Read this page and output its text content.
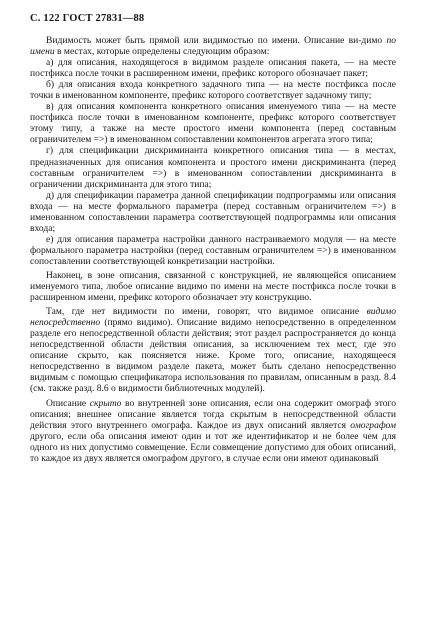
С. 122 ГОСТ 27831—88

Видимость может быть прямой или видимостью по имени. Описание ви-димо по имени в местах, которые определены следующим образом:

а) для описания, находящегося в видимом разделе описания пакета, — на месте постфикса после точки в расширенном имени, префикс которого обозначает пакет;

б) для описания входа конкретного задачного типа — на месте постфикса после точки в именованном компоненте, префикс которого соответствует задачному типу;

в) для описания компонента конкретного описания именуемого типа — на месте постфикса после точки в именованном компоненте, префикс которого соответствует этому типу, а также на месте простого имени компонента (перед составным ограничителем =>) в именованном сопоставлении компонентов агрегата этого типа;

г) для спецификации дискриминанта конкретного описания типа — в местах, предназначенных для описания компонента и простого имени дискриминанта (перед составным ограничителем =>) в именованном сопоставлении дискриминанта в ограничении дискриминанта для этого типа;

д) для спецификации параметра данной спецификации подпрограммы или описания входа — на месте формального параметра (перед составным ограничителем =>) в именованном сопоставлении параметра соответствующей подпрограммы или описания входа;

е) для описания параметра настройки данного настраиваемого модуля — на месте формального параметра настройки (перед составным ограничителем =>) в именованном сопоставлении соответствующей конкретизации настройки.

Наконец, в зоне описания, связанной с конструкцией, не являющейся описанием именуемого типа, любое описание видимо по имени на месте постфикса после точки в расширенном имени, префикс которого обозначает эту конструкцию.

Там, где нет видимости по имени, говорят, что видимое описание видимо непосредственно (прямо видимо). Описание видимо непосредственно в определенном разделе его непосредственной области действия; этот раздел распространяется до конца непосредственной области действия описания, за исключением тех мест, где это описание скрыто, как поясняется ниже. Кроме того, описание, находящееся непосредственно в видимом разделе пакета, может быть сделано непосредственно видимым с помощью спецификатора использования по правилам, описанным в разд. 8.4 (см. также разд. 8.6 о видимости библиотечных модулей).

Описание скрыто во внутренней зоне описания, если она содержит омограф этого описания; внешнее описание является тогда скрытым в непосредственной области действия этого внутреннего омографа. Каждое из двух описаний является омографом другого, если оба описания имеют один и тот же идентификатор и не более чем для одного из них допустимо совмещение. Если совмещение допустимо для обоих описаний, то каждое из двух является омографом другого, в случае если они имеют одинаковый
